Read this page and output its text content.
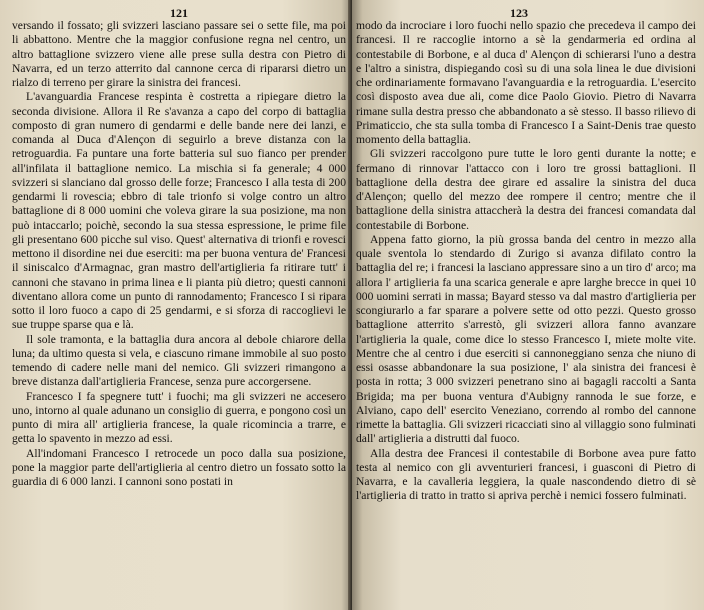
121

versando il fossato; gli svizzeri lasciano passare sei o sette file, ma poi li abbattono. Mentre che la maggior confusione regna nel centro, un altro battaglione svizzero viene alle prese sulla destra con Pietro di Navarra, ed un terzo atterrito dal cannone cerca di ripararsi dietro un rialzo di terreno per girare la sinistra dei francesi.

L'avanguardia Francese respinta è costretta a ripiegare dietro la seconda divisione. Allora il Re s'avanza a capo del corpo di battaglia composto di gran numero di gendarmi e delle bande nere dei lanzi, e comanda al Duca d'Alençon di seguirlo a breve distanza con la retroguardia. Fa puntare una forte batteria sul suo fianco per prender all'infilata il battaglione nemico. La mischia si fa generale; 4 000 svizzeri si slanciano dal grosso delle forze; Francesco I alla testa di 200 gendarmi li rovescia; ebbro di tale trionfo si volge contro un altro battaglione di 8 000 uomini che voleva girare la sua posizione, ma non può intaccarlo; poichè, secondo la sua stessa espressione, le prime file gli presentano 600 picche sul viso. Quest' alternativa di trionfi e rovesci mettono il disordine nei due eserciti: ma per buona ventura de' Francesi il siniscalco d'Armagnac, gran mastro dell'artiglieria fa ritirare tutt' i cannoni che stavano in prima linea e li pianta più dietro; questi cannoni diventano allora come un punto di rannodamento; Francesco I si ripara sotto il loro fuoco a capo di 25 gendarmi, e si sforza di raccoglievi le sue truppe sparse qua e là.

Il sole tramonta, e la battaglia dura ancora al debole chiarore della luna; da ultimo questa si vela, e ciascuno rimane immobile al suo posto temendo di cadere nelle mani del nemico. Gli svizzeri rimangono a breve distanza dall'artiglieria Francese, senza pure accorgersene.

Francesco I fa spegnere tutt' i fuochi; ma gli svizzeri ne accesero uno, intorno al quale adunano un consiglio di guerra, e pongono così un punto di mira all' artiglieria francese, la quale ricomincia a trarre, e getta lo spavento in mezzo ad essi.

All'indomani Francesco I retrocede un poco dalla sua posizione, pone la maggior parte dell'artiglieria al centro dietro un fossato sotto la guardia di 6 000 lanzi. I cannoni sono postati in

123

modo da incrociare i loro fuochi nello spazio che precedeva il campo dei francesi. Il re raccoglie intorno a sè la gendarmeria ed ordina al contestabile di Borbone, e al duca d' Alençon di schierarsi l'uno a destra e l'altro a sinistra, dispiegando così su di una sola linea le due divisioni che ordinariamente formavano l'avanguardia e la retroguardia. L'esercito così disposto avea due ali, come dice Paolo Giovio. Pietro di Navarra rimane sulla destra presso che abbandonato a sè stesso. Il basso rilievo di Primaticcio, che sta sulla tomba di Francesco I a Saint-Denis trae questo momento della battaglia.

Gli svizzeri raccolgono pure tutte le loro genti durante la notte; e fermano di rinnovar l'attacco con i loro tre grossi battaglioni. Il battaglione della destra dee girare ed assalire la sinistra del duca d'Alençon; quello del mezzo dee rompere il centro; mentre che il battaglione della sinistra attaccherà la destra dei francesi comandata dal contestabile di Borbone.

Appena fatto giorno, la più grossa banda del centro in mezzo alla quale sventola lo stendardo di Zurigo si avanza difilato contro la battaglia del re; i francesi la lasciano appressare sino a un tiro d' arco; ma allora l' artiglieria fa una scarica generale e apre larghe brecce in quei 10 000 uomini serrati in massa; Bayard stesso va dal mastro d'artiglieria per scongiurarlo a far sparare a polvere sette od otto pezzi. Questo grosso battaglione atterrito s'arrestò, gli svizzeri allora fanno avanzare l'artiglieria la quale, come dice lo stesso Francesco I, miete molte vite. Mentre che al centro i due eserciti si cannoneggiano senza che niuno di essi osasse abbandonare la sua posizione, l' ala sinistra dei francesi è posta in rotta; 3 000 svizzeri penetrano sino ai bagagli raccolti a Santa Brigida; ma per buona ventura d'Aubigny rannoda le sue forze, e Alviano, capo dell' esercito Veneziano, correndo al rombo del cannone rimette la battaglia. Gli svizzeri ricacciati sino al villaggio sono fulminati dall' artiglieria a distrutti dal fuoco.

Alla destra dee Francesi il contestabile di Borbone avea pure fatto testa al nemico con gli avventurieri francesi, i guasconi di Pietro di Navarra, e la cavalleria leggiera, la quale nascondendo dietro di sè l'artiglieria di tratto in tratto si apriva perchè i nemici fossero fulminati.
